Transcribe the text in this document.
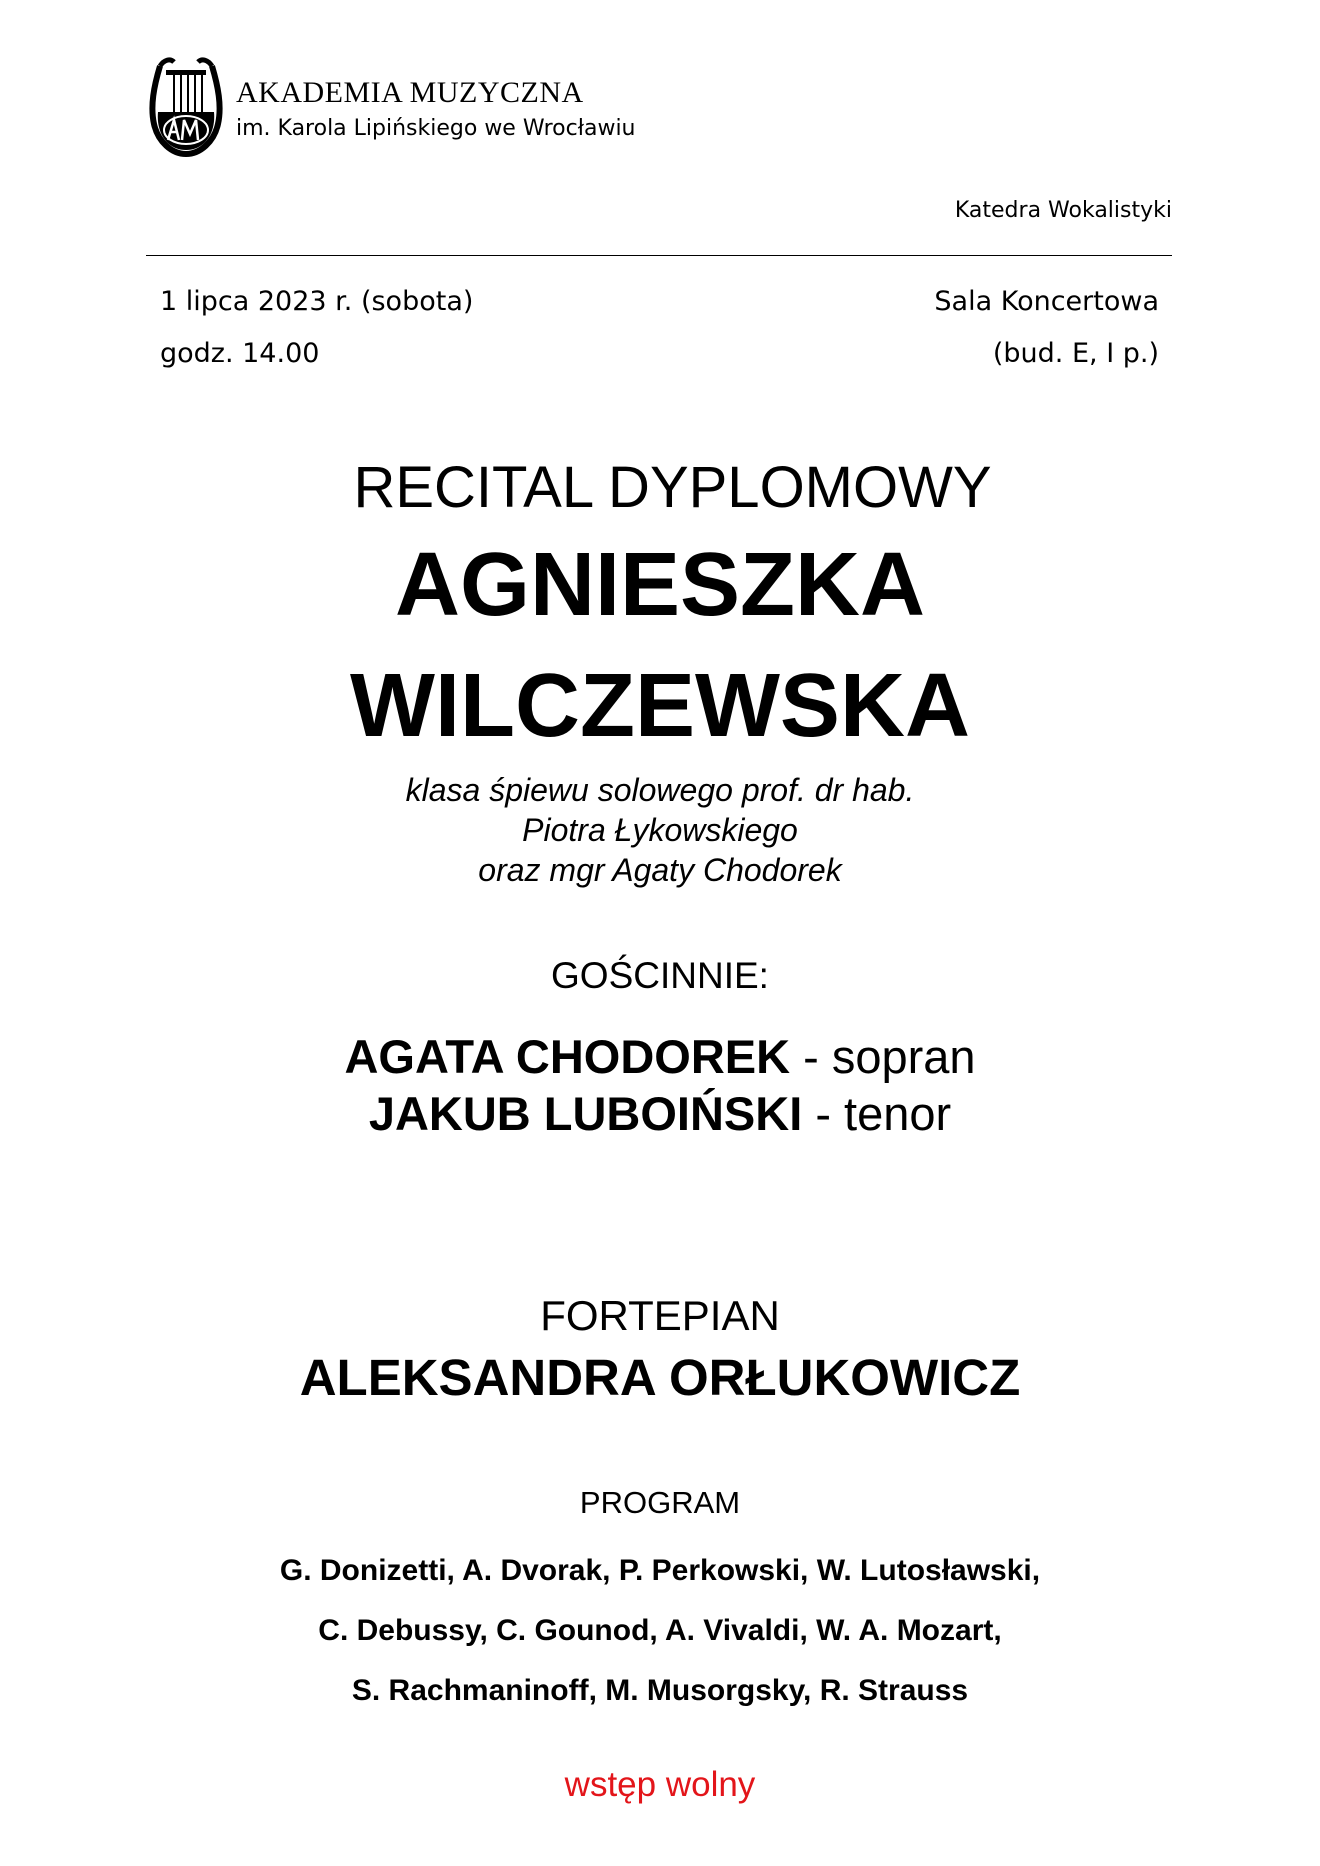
AKADEMIA MUZYCZNA
im. Karola Lipińskiego we Wrocławiu
Katedra Wokalistyki
1 lipca 2023 r. (sobota)
godz. 14.00
Sala Koncertowa
(bud. E, I p.)
RECITAL DYPLOMOWY
AGNIESZKA
WILCZEWSKA
klasa śpiewu solowego prof. dr hab.
Piotra Łykowskiego
oraz mgr Agaty Chodorek
GOŚCINNIE:
AGATA CHODOREK - sopran
JAKUB LUBOIŃSKI - tenor
FORTEPIAN
ALEKSANDRA ORŁUKOWICZ
PROGRAM
G. Donizetti, A. Dvorak, P. Perkowski, W. Lutosławski,
C. Debussy, C. Gounod, A. Vivaldi, W. A. Mozart,
S. Rachmaninoff, M. Musorgsky, R. Strauss
wstęp wolny
